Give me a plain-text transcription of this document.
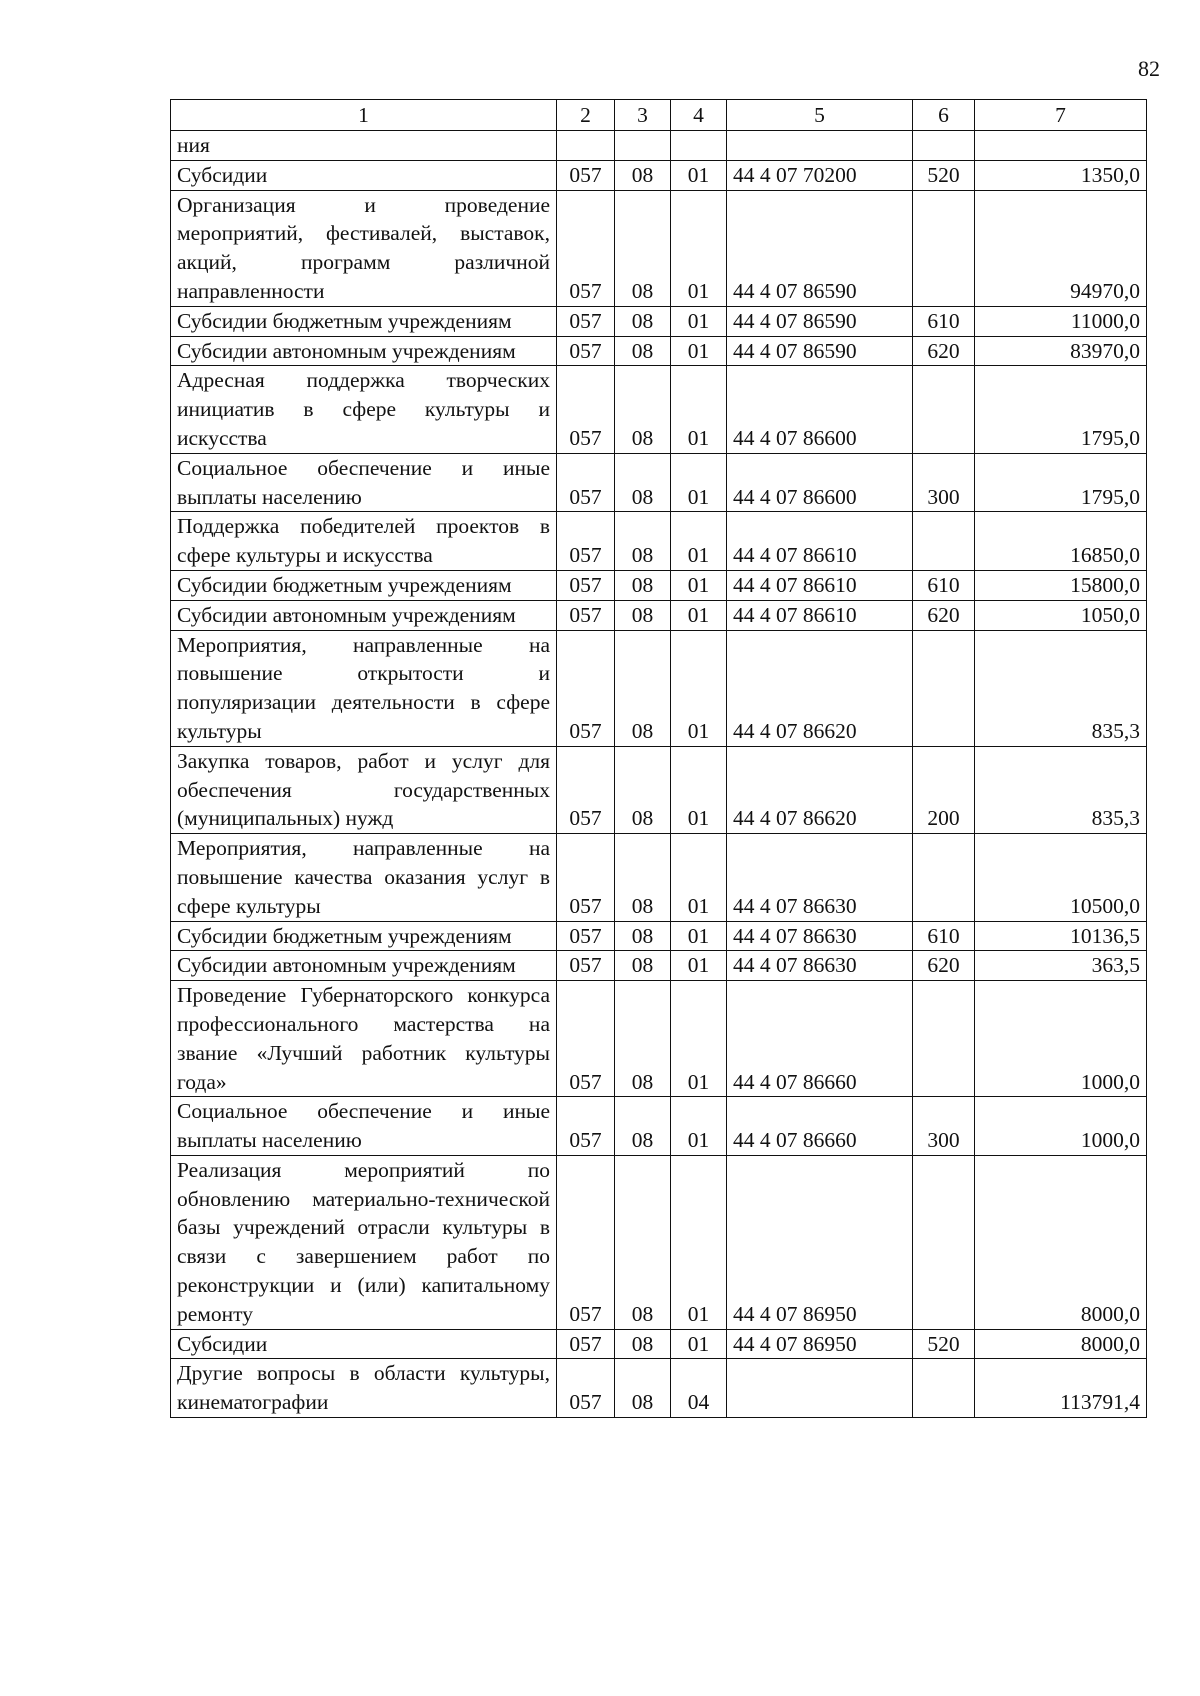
82
1	2	3	4	5	6	7
ния						
Субсидии	057	08	01	44 4 07 70200	520	1350,0
Организация и проведение мероприятий, фестивалей, выставок, акций, программ различной направленности	057	08	01	44 4 07 86590		94970,0
Субсидии бюджетным учреждениям	057	08	01	44 4 07 86590	610	11000,0
Субсидии автономным учреждениям	057	08	01	44 4 07 86590	620	83970,0
Адресная поддержка творческих инициатив в сфере культуры и искусства	057	08	01	44 4 07 86600		1795,0
Социальное обеспечение и иные выплаты населению	057	08	01	44 4 07 86600	300	1795,0
Поддержка победителей проектов в сфере культуры и искусства	057	08	01	44 4 07 86610		16850,0
Субсидии бюджетным учреждениям	057	08	01	44 4 07 86610	610	15800,0
Субсидии автономным учреждениям	057	08	01	44 4 07 86610	620	1050,0
Мероприятия, направленные на повышение открытости и популяризации деятельности в сфере культуры	057	08	01	44 4 07 86620		835,3
Закупка товаров, работ и услуг для обеспечения государственных (муниципальных) нужд	057	08	01	44 4 07 86620	200	835,3
Мероприятия, направленные на повышение качества оказания услуг в сфере культуры	057	08	01	44 4 07 86630		10500,0
Субсидии бюджетным учреждениям	057	08	01	44 4 07 86630	610	10136,5
Субсидии автономным учреждениям	057	08	01	44 4 07 86630	620	363,5
Проведение Губернаторского конкурса профессионального мастерства на звание «Лучший работник культуры года»	057	08	01	44 4 07 86660		1000,0
Социальное обеспечение и иные выплаты населению	057	08	01	44 4 07 86660	300	1000,0
Реализация мероприятий по обновлению материально-технической базы учреждений отрасли культуры в связи с завершением работ по реконструкции и (или) капитальному ремонту	057	08	01	44 4 07 86950		8000,0
Субсидии	057	08	01	44 4 07 86950	520	8000,0
Другие вопросы в области культуры, кинематографии	057	08	04			113791,4
